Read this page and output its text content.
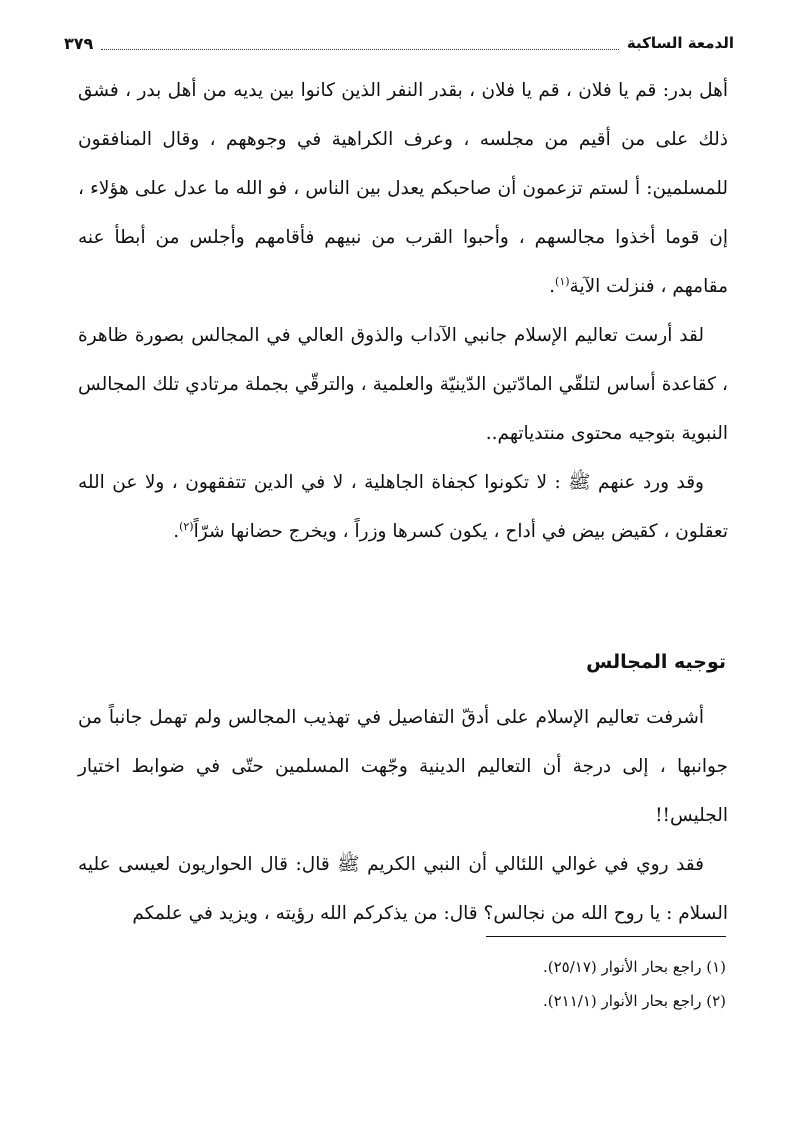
الدمعة الساكبة
٣٧٩

أهل بدر: قم يا فلان ، قم يا فلان ، بقدر النفر الذين كانوا بين يديه من أهل بدر ، فشق ذلك على من أقيم من مجلسه ، وعرف الكراهية في وجوههم ، وقال المنافقون للمسلمين: أ لستم تزعمون أن صاحبكم يعدل بين الناس ، فو الله ما عدل على هؤلاء ، إن قوما أخذوا مجالسهم ، وأحبوا القرب من نبيهم فأقامهم وأجلس من أبطأ عنه مقامهم ، فنزلت الآية$^{(١)}$.

لقد أرست تعاليم الإسلام جانبي الآداب والذوق العالي في المجالس بصورة ظاهرة ، كقاعدة أساس لتلقّي المادّتين الدّينيّة والعلمية ، والترقّي بجملة مرتادي تلك المجالس النبوية بتوجيه محتوى منتدياتهم..

وقد ورد عنهم ﷺ : لا تكونوا كجفاة الجاهلية ، لا في الدين تتفقهون ، ولا عن الله تعقلون ، كقيض بيض في أداح ، يكون كسرها وزراً ، ويخرج حضانها شرّاً$^{(٢)}$.

توجيه المجالس

أشرفت تعاليم الإسلام على أدقّ التفاصيل في تهذيب المجالس ولم تهمل جانباً من جوانبها ، إلى درجة أن التعاليم الدينية وجّهت المسلمين حتّى في ضوابط اختيار الجليس!!

فقد روي في غوالي اللئالي أن النبي الكريم ﷺ قال: قال الحواريون لعيسى عليه السلام : يا روح الله من نجالس؟ قال: من يذكركم الله رؤيته ، ويزيد في علمكم

(١) راجع بحار الأنوار (٢٥/١٧).

(٢) راجع بحار الأنوار (٢١١/١).
